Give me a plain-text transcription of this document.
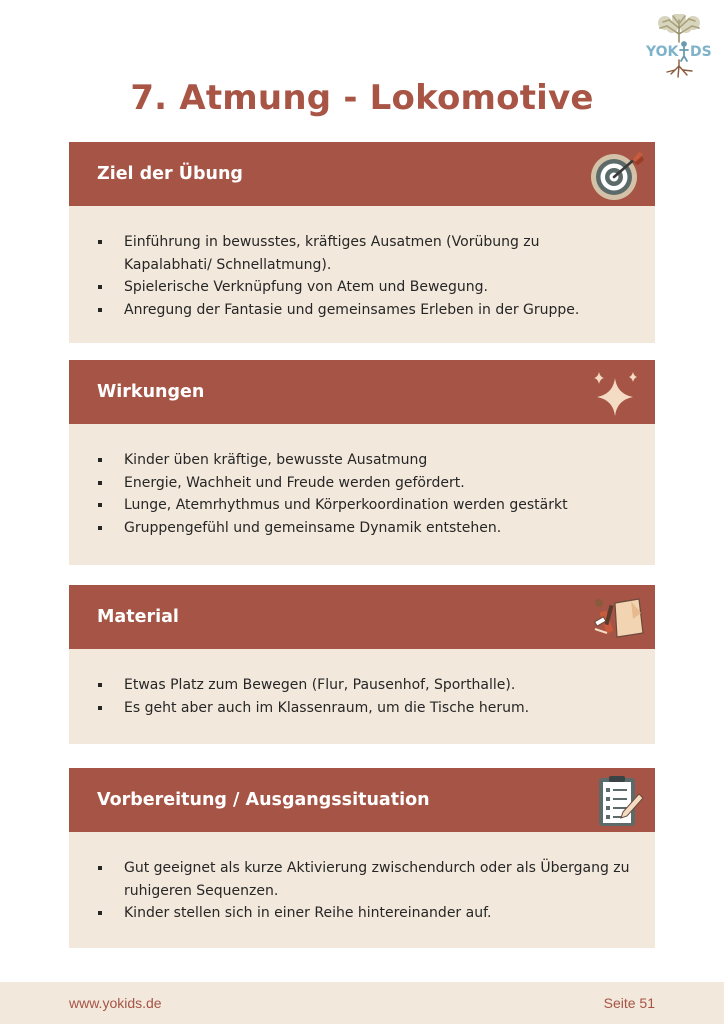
YOK DS
7. Atmung - Lokomotive
Ziel der Übung
Einführung in bewusstes, kräftiges Ausatmen (Vorübung zu Kapalabhati/ Schnellatmung).
Spielerische Verknüpfung von Atem und Bewegung.
Anregung der Fantasie und gemeinsames Erleben in der Gruppe.
Wirkungen
Kinder üben kräftige, bewusste Ausatmung
Energie, Wachheit und Freude werden gefördert.
Lunge, Atemrhythmus und Körperkoordination werden gestärkt
Gruppengefühl und gemeinsame Dynamik entstehen.
Material
Etwas Platz zum Bewegen (Flur, Pausenhof, Sporthalle).
Es geht aber auch im Klassenraum, um die Tische herum.
Vorbereitung / Ausgangssituation
Gut geeignet als kurze Aktivierung zwischendurch oder als Übergang zu ruhigeren Sequenzen.
Kinder stellen sich in einer Reihe hintereinander auf.
www.yokids.de	Seite 51
